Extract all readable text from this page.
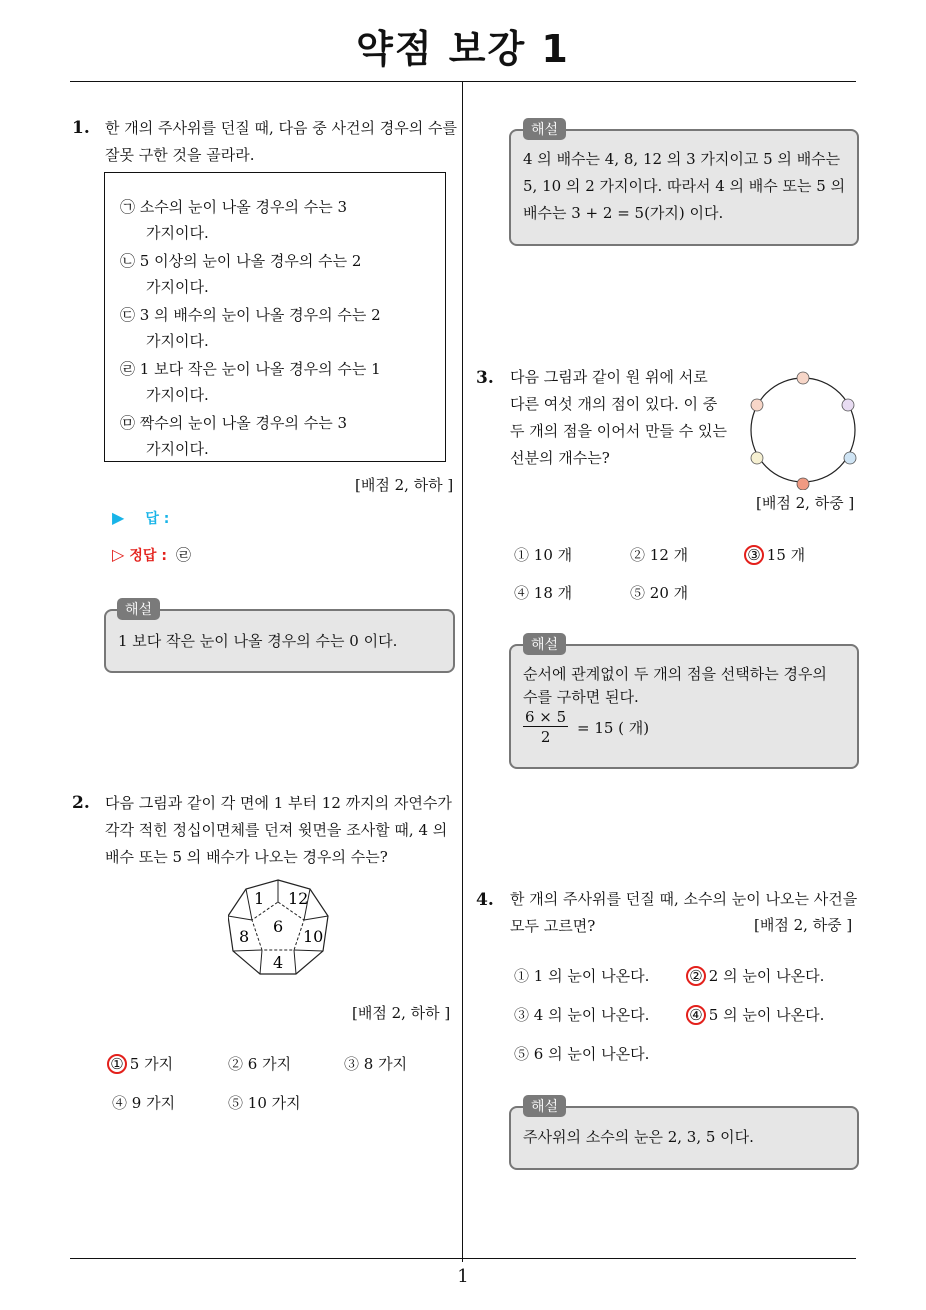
약점 보강 1
1. 한 개의 주사위를 던질 때, 다음 중 사건의 경우의 수를
잘못 구한 것을 골라라.
㉠ 소수의 눈이 나올 경우의 수는 3
가지이다.
㉡ 5 이상의 눈이 나올 경우의 수는 2
가지이다.
㉢ 3 의 배수의 눈이 나올 경우의 수는 2
가지이다.
㉣ 1 보다 작은 눈이 나올 경우의 수는 1
가지이다.
㉤ 짝수의 눈이 나올 경우의 수는 3
가지이다.
[배점 2, 하하 ]
▶ 답 :
▷ 정답 : ㉣
해설
1 보다 작은 눈이 나올 경우의 수는 0 이다.
2. 다음 그림과 같이 각 면에 1 부터 12 까지의 자연수가
각각 적힌 정십이면체를 던져 윗면을 조사할 때, 4 의
배수 또는 5 의 배수가 나오는 경우의 수는?
1 12
6
8	10
4
[배점 2, 하하 ]
① 5 가지	② 6 가지	③ 8 가지
④ 9 가지	⑤ 10 가지
해설
4 의 배수는 4, 8, 12 의 3 가지이고 5 의 배수는
5, 10 의 2 가지이다. 따라서 4 의 배수 또는 5 의
배수는 3 + 2 = 5(가지) 이다.
3. 다음 그림과 같이 원 위에 서로
다른 여섯 개의 점이 있다. 이 중
두 개의 점을 이어서 만들 수 있는
선분의 개수는?
[배점 2, 하중 ]
① 10 개	② 12 개	③ 15 개
④ 18 개	⑤ 20 개
해설
순서에 관계없이 두 개의 점을 선택하는 경우의
수를 구하면 된다.
$\frac{6 \times 5}{2} = 15$ ( 개)
4. 한 개의 주사위를 던질 때, 소수의 눈이 나오는 사건을
모두 고르면?	[배점 2, 하중 ]
① 1 의 눈이 나온다.	② 2 의 눈이 나온다.
③ 4 의 눈이 나온다.	④ 5 의 눈이 나온다.
⑤ 6 의 눈이 나온다.
해설
주사위의 소수의 눈은 2, 3, 5 이다.
1
